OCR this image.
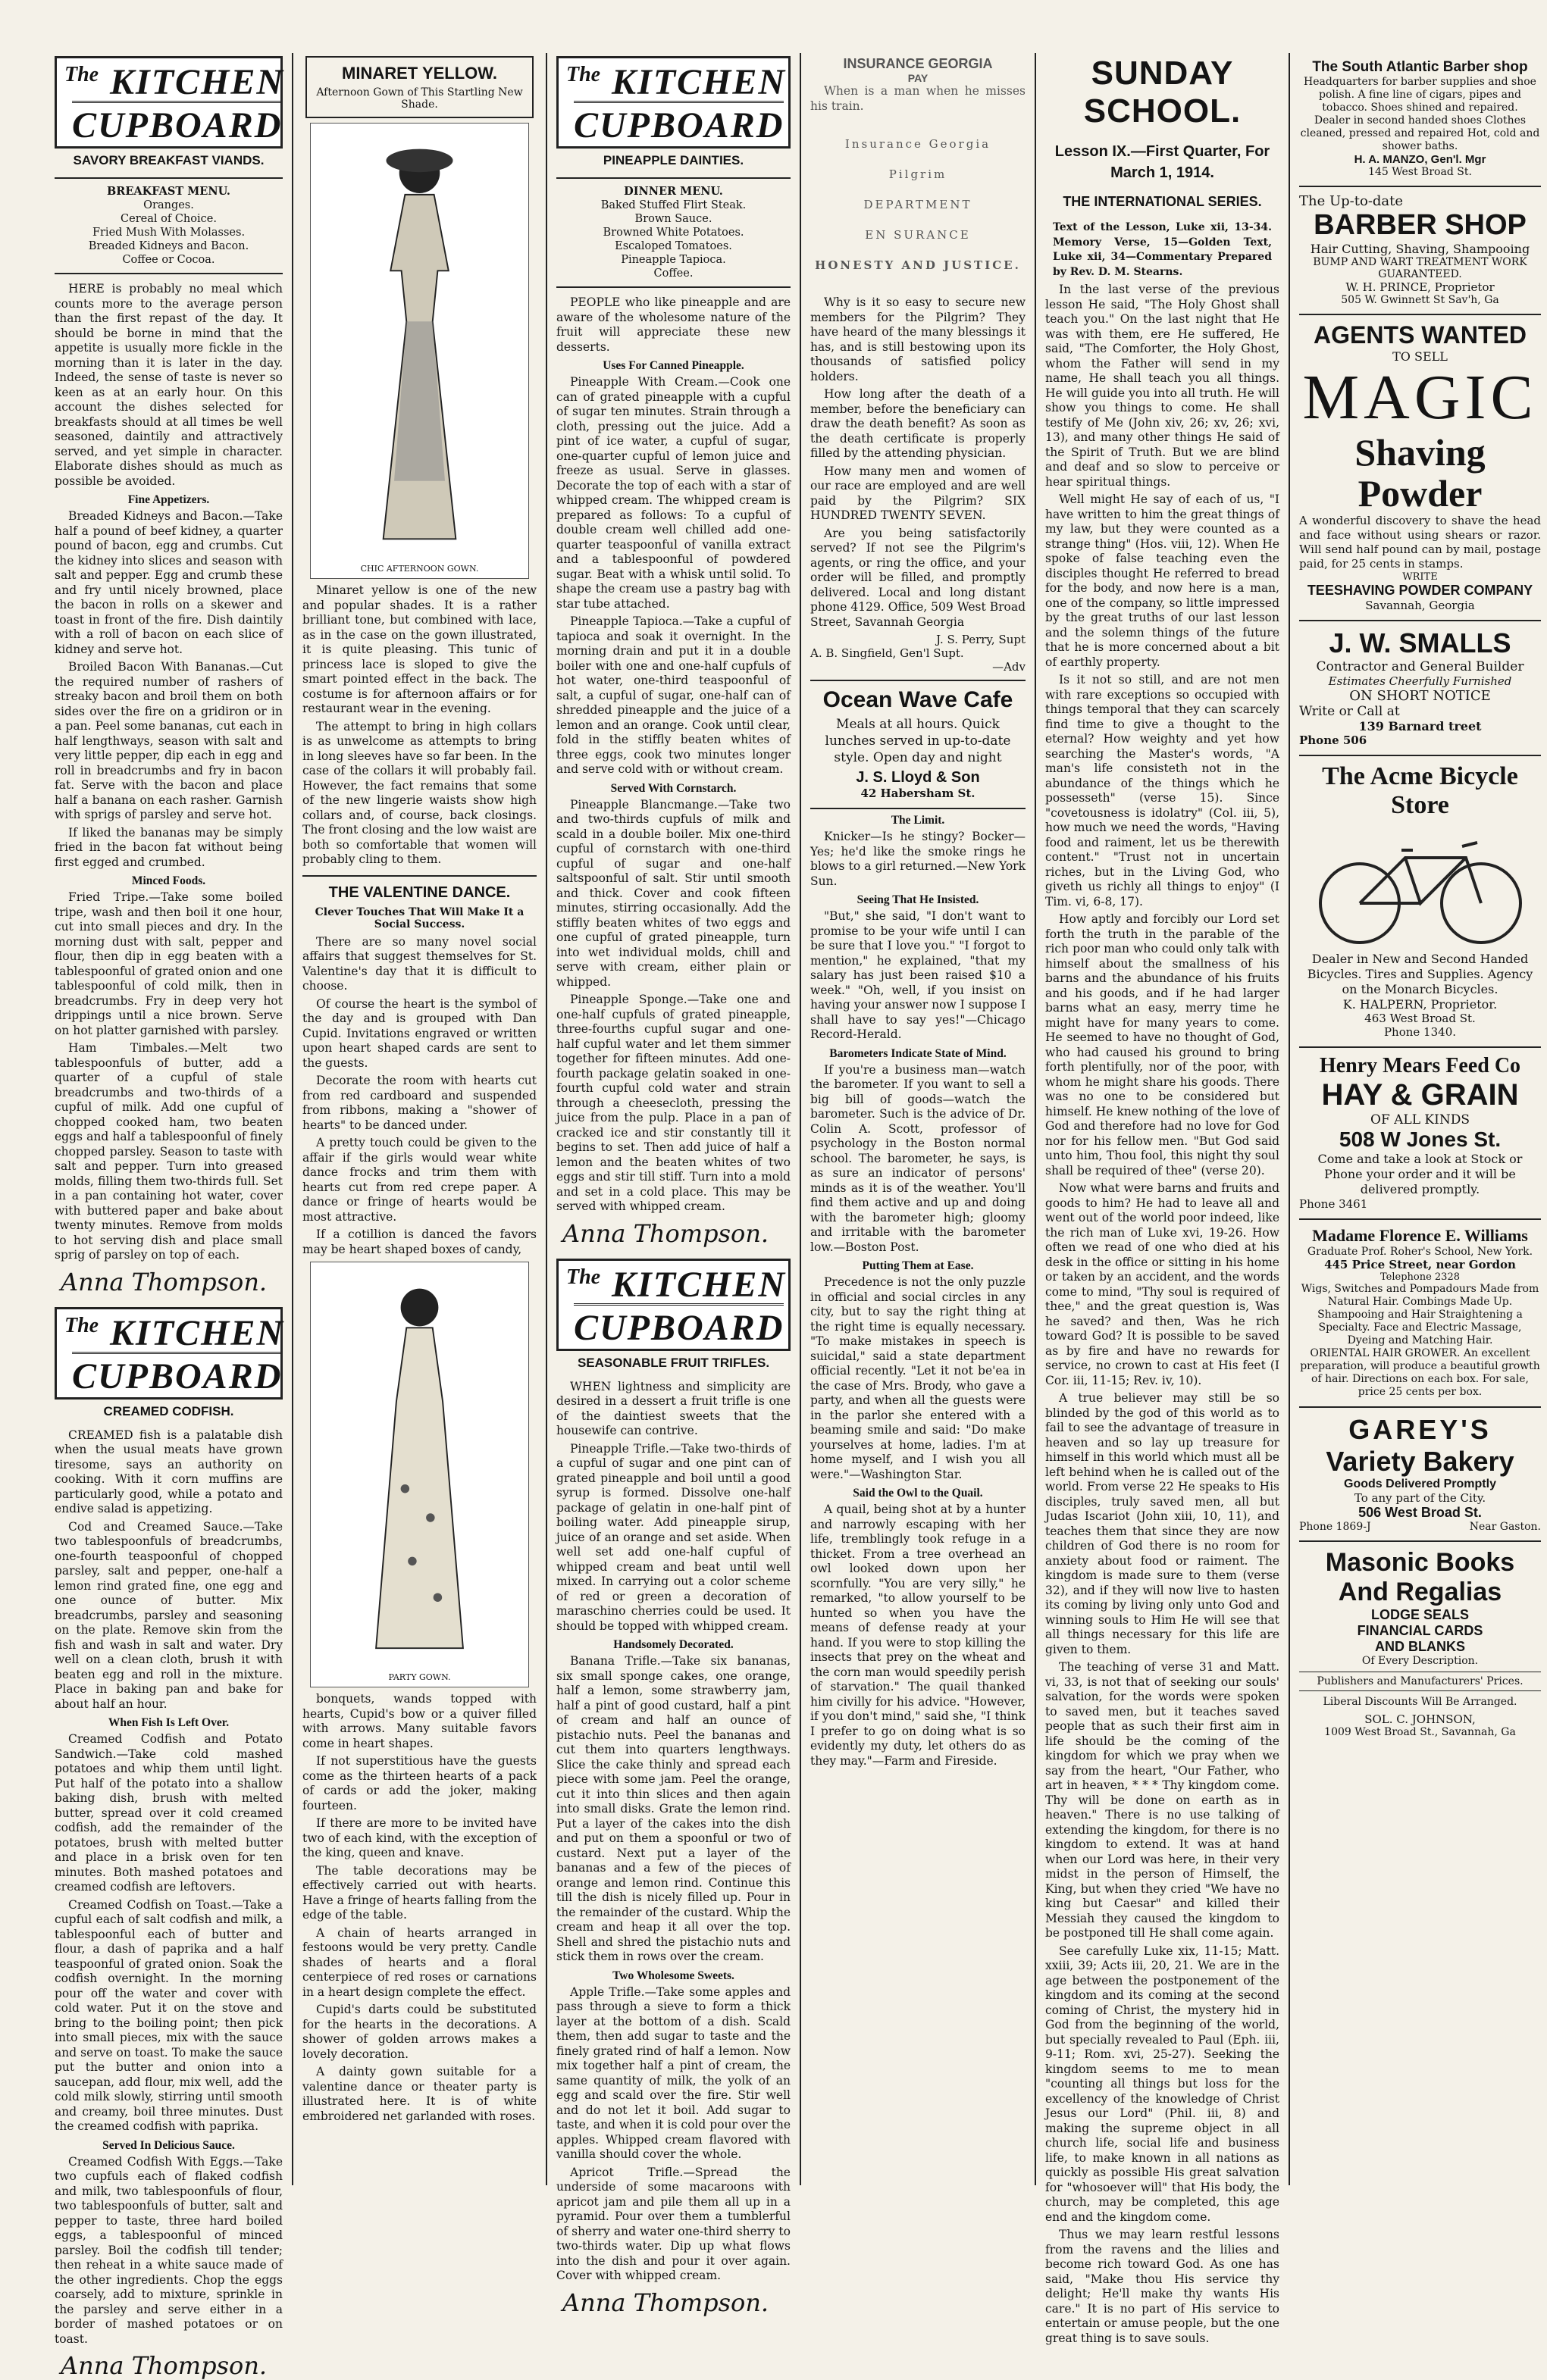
The KITCHEN
CUPBOARD
SAVORY BREAKFAST VIANDS.
BREAKFAST MENU.
Oranges.
Cereal of Choice.
Fried Mush With Molasses.
Breaded Kidneys and Bacon.
Coffee or Cocoa.

HERE is probably no meal which counts more to the average person than the first repast of the day. It should be borne in mind that the appetite is usually more fickle in the morning than it is later in the day. Indeed, the sense of taste is never so keen as at an early hour. On this account the dishes selected for breakfasts should at all times be well seasoned, daintily and attractively served, and yet simple in character. Elaborate dishes should as much as possible be avoided.

Fine Appetizers.

Breaded Kidneys and Bacon.—Take half a pound of beef kidney, a quarter pound of bacon, egg and crumbs. Cut the kidney into slices and season with salt and pepper. Egg and crumb these and fry until nicely browned, place the bacon in rolls on a skewer and toast in front of the fire. Dish daintily with a roll of bacon on each slice of kidney and serve hot.

Broiled Bacon With Bananas.—Cut the required number of rashers of streaky bacon and broil them on both sides over the fire on a gridiron or in a pan. Peel some bananas, cut each in half lengthways, season with salt and very little pepper, dip each in egg and roll in breadcrumbs and fry in bacon fat. Serve with the bacon and place half a banana on each rasher. Garnish with sprigs of parsley and serve hot.

If liked the bananas may be simply fried in the bacon fat without being first egged and crumbed.

Minced Foods.

Fried Tripe.—Take some boiled tripe, wash and then boil it one hour, cut into small pieces and dry. In the morning dust with salt, pepper and flour, then dip in egg beaten with a tablespoonful of grated onion and one tablespoonful of cold milk, then in breadcrumbs. Fry in deep very hot drippings until a nice brown. Serve on hot platter garnished with parsley.

Ham Timbales.—Melt two tablespoonfuls of butter, add a quarter of a cupful of stale breadcrumbs and two-thirds of a cupful of milk. Add one cupful of chopped cooked ham, two beaten eggs and half a tablespoonful of finely chopped parsley. Season to taste with salt and pepper. Turn into greased molds, filling them two-thirds full. Set in a pan containing hot water, cover with buttered paper and bake about twenty minutes. Remove from molds to hot serving dish and place small sprig of parsley on top of each.

Anna Thompson.
The KITCHEN
CUPBOARD
CREAMED CODFISH.

CREAMED fish is a palatable dish when the usual meats have grown tiresome, says an authority on cooking. With it corn muffins are particularly good, while a potato and endive salad is appetizing.

Cod and Creamed Sauce.—Take two tablespoonfuls of breadcrumbs, one-fourth teaspoonful of chopped parsley, salt and pepper, one-half a lemon rind grated fine, one egg and one ounce of butter. Mix breadcrumbs, parsley and seasoning on the plate. Remove skin from the fish and wash in salt and water. Dry well on a clean cloth, brush it with beaten egg and roll in the mixture. Place in baking pan and bake for about half an hour.

When Fish Is Left Over.

Creamed Codfish and Potato Sandwich.—Take cold mashed potatoes and whip them until light. Put half of the potato into a shallow baking dish, brush with melted butter, spread over it cold creamed codfish, add the remainder of the potatoes, brush with melted butter and place in a brisk oven for ten minutes. Both mashed potatoes and creamed codfish are leftovers.

Creamed Codfish on Toast.—Take a cupful each of salt codfish and milk, a tablespoonful each of butter and flour, a dash of paprika and a half teaspoonful of grated onion. Soak the codfish overnight. In the morning pour off the water and cover with cold water. Put it on the stove and bring to the boiling point; then pick into small pieces, mix with the sauce and serve on toast. To make the sauce put the butter and onion into a saucepan, add flour, mix well, add the cold milk slowly, stirring until smooth and creamy, boil three minutes. Dust the creamed codfish with paprika.

Served In Delicious Sauce.

Creamed Codfish With Eggs.—Take two cupfuls each of flaked codfish and milk, two tablespoonfuls of flour, two tablespoonfuls of butter, salt and pepper to taste, three hard boiled eggs, a tablespoonful of minced parsley. Boil the codfish till tender; then reheat in a white sauce made of the other ingredients. Chop the eggs coarsely, add to mixture, sprinkle in the parsley and serve either in a border of mashed potatoes or on toast.

Anna Thompson.
MINARET YELLOW.
Afternoon Gown of This Startling New Shade.
CHIC AFTERNOON GOWN.

Minaret yellow is one of the new and popular shades. It is a rather brilliant tone, but combined with lace, as in the case on the gown illustrated, it is quite pleasing. This tunic of princess lace is sloped to give the smart pointed effect in the back. The costume is for afternoon affairs or for restaurant wear in the evening.

The attempt to bring in high collars is as unwelcome as attempts to bring in long sleeves have so far been. In the case of the collars it will probably fail. However, the fact remains that some of the new lingerie waists show high collars and, of course, back closings. The front closing and the low waist are both so comfortable that women will probably cling to them.

THE VALENTINE DANCE.
Clever Touches That Will Make It a Social Success.

There are so many novel social affairs that suggest themselves for St. Valentine's day that it is difficult to choose.

Of course the heart is the symbol of the day and is grouped with Dan Cupid. Invitations engraved or written upon heart shaped cards are sent to the guests.

Decorate the room with hearts cut from red cardboard and suspended from ribbons, making a "shower of hearts" to be danced under.

A pretty touch could be given to the affair if the girls would wear white dance frocks and trim them with hearts cut from red crepe paper. A dance or fringe of hearts would be most attractive.

If a cotillion is danced the favors may be heart shaped boxes of candy,

PARTY GOWN.

bonquets, wands topped with hearts, Cupid's bow or a quiver filled with arrows. Many suitable favors come in heart shapes.

If not superstitious have the guests come as the thirteen hearts of a pack of cards or add the joker, making fourteen.

If there are more to be invited have two of each kind, with the exception of the king, queen and knave.

The table decorations may be effectively carried out with hearts. Have a fringe of hearts falling from the edge of the table.

A chain of hearts arranged in festoons would be very pretty. Candle shades of hearts and a floral centerpiece of red roses or carnations in a heart design complete the effect.

Cupid's darts could be substituted for the hearts in the decorations. A shower of golden arrows makes a lovely decoration.

A dainty gown suitable for a valentine dance or theater party is illustrated here. It is of white embroidered net garlanded with roses.

The KITCHEN
CUPBOARD
PINEAPPLE DAINTIES.
DINNER MENU.
Baked Stuffed Flirt Steak.
Brown Sauce.
Browned White Potatoes.
Escaloped Tomatoes.
Pineapple Tapioca.
Coffee.

PEOPLE who like pineapple and are aware of the wholesome nature of the fruit will appreciate these new desserts.

Uses For Canned Pineapple.

Pineapple With Cream.—Cook one can of grated pineapple with a cupful of sugar ten minutes. Strain through a cloth, pressing out the juice. Add a pint of ice water, a cupful of sugar, one-quarter cupful of lemon juice and freeze as usual. Serve in glasses. Decorate the top of each with a star of whipped cream. The whipped cream is prepared as follows: To a cupful of double cream well chilled add one-quarter teaspoonful of vanilla extract and a tablespoonful of powdered sugar. Beat with a whisk until solid. To shape the cream use a pastry bag with star tube attached.

Pineapple Tapioca.—Take a cupful of tapioca and soak it overnight. In the morning drain and put it in a double boiler with one and one-half cupfuls of hot water, one-third teaspoonful of salt, a cupful of sugar, one-half can of shredded pineapple and the juice of a lemon and an orange. Cook until clear, fold in the stiffly beaten whites of three eggs, cook two minutes longer and serve cold with or without cream.

Served With Cornstarch.

Pineapple Blancmange.—Take two and two-thirds cupfuls of milk and scald in a double boiler. Mix one-third cupful of cornstarch with one-third cupful of sugar and one-half saltspoonful of salt. Stir until smooth and thick. Cover and cook fifteen minutes, stirring occasionally. Add the stiffly beaten whites of two eggs and one cupful of grated pineapple, turn into wet individual molds, chill and serve with cream, either plain or whipped.

Pineapple Sponge.—Take one and one-half cupfuls of grated pineapple, three-fourths cupful sugar and one-half cupful water and let them simmer together for fifteen minutes. Add one-fourth package gelatin soaked in one-fourth cupful cold water and strain through a cheesecloth, pressing the juice from the pulp. Place in a pan of cracked ice and stir constantly till it begins to set. Then add juice of half a lemon and the beaten whites of two eggs and stir till stiff. Turn into a mold and set in a cold place. This may be served with whipped cream.

Anna Thompson.
The KITCHEN
CUPBOARD
SEASONABLE FRUIT TRIFLES.

WHEN lightness and simplicity are desired in a dessert a fruit trifle is one of the daintiest sweets that the housewife can contrive.

Pineapple Trifle.—Take two-thirds of a cupful of sugar and one pint can of grated pineapple and boil until a good syrup is formed. Dissolve one-half package of gelatin in one-half pint of boiling water. Add pineapple sirup, juice of an orange and set aside. When well set add one-half cupful of whipped cream and beat until well mixed. In carrying out a color scheme of red or green a decoration of maraschino cherries could be used. It should be topped with whipped cream.

Handsomely Decorated.

Banana Trifle.—Take six bananas, six small sponge cakes, one orange, half a lemon, some strawberry jam, half a pint of good custard, half a pint of cream and half an ounce of pistachio nuts. Peel the bananas and cut them into quarters lengthways. Slice the cake thinly and spread each piece with some jam. Peel the orange, cut it into thin slices and then again into small disks. Grate the lemon rind. Put a layer of the cakes into the dish and put on them a spoonful or two of custard. Next put a layer of the bananas and a few of the pieces of orange and lemon rind. Continue this till the dish is nicely filled up. Pour in the remainder of the custard. Whip the cream and heap it all over the top. Shell and shred the pistachio nuts and stick them in rows over the cream.

Two Wholesome Sweets.

Apple Trifle.—Take some apples and pass through a sieve to form a thick layer at the bottom of a dish. Scald them, then add sugar to taste and the finely grated rind of half a lemon. Now mix together half a pint of cream, the same quantity of milk, the yolk of an egg and scald over the fire. Stir well and do not let it boil. Add sugar to taste, and when it is cold pour over the apples. Whipped cream flavored with vanilla should cover the whole.

Apricot Trifle.—Spread the underside of some macaroons with apricot jam and pile them all up in a pyramid. Pour over them a tumblerful of sherry and water one-third sherry to two-thirds water. Dip up what flows into the dish and pour it over again. Cover with whipped cream.

Anna Thompson.
INSURANCE GEORGIA
PAY

When is a man when he misses his train.

Insurance Georgia
Pilgrim
DEPARTMENT
EN SURANCE
HONESTY AND JUSTICE.

Why is it so easy to secure new members for the Pilgrim? They have heard of the many blessings it has, and is still bestowing upon its thousands of satisfied policy holders.

How long after the death of a member, before the beneficiary can draw the death benefit? As soon as the death certificate is properly filled by the attending physician.

How many men and women of our race are employed and are well paid by the Pilgrim? SIX HUNDRED TWENTY SEVEN.

Are you being satisfactorily served? If not see the Pilgrim's agents, or ring the office, and your order will be filled, and promptly delivered. Local and long distant phone 4129. Office, 509 West Broad Street, Savannah Georgia

J. S. Perry, Supt
A. B. Singfield, Gen'l Supt.
—Adv
Ocean Wave Cafe
Meals at all hours. Quick lunches served in up-to-date style. Open day and night
J. S. Lloyd & Son
42 Habersham St.
The Limit.

Knicker—Is he stingy? Bocker—Yes; he'd like the smoke rings he blows to a girl returned.—New York Sun.

Seeing That He Insisted.

"But," she said, "I don't want to promise to be your wife until I can be sure that I love you." "I forgot to mention," he explained, "that my salary has just been raised $10 a week." "Oh, well, if you insist on having your answer now I suppose I shall have to say yes!"—Chicago Record-Herald.

Barometers Indicate State of Mind.

If you're a business man—watch the barometer. If you want to sell a big bill of goods—watch the barometer. Such is the advice of Dr. Colin A. Scott, professor of psychology in the Boston normal school. The barometer, he says, is as sure an indicator of persons' minds as it is of the weather. You'll find them active and up and doing with the barometer high; gloomy and irritable with the barometer low.—Boston Post.

Putting Them at Ease.

Precedence is not the only puzzle in official and social circles in any city, but to say the right thing at the right time is equally necessary. "To make mistakes in speech is suicidal," said a state department official recently. "Let it not be'ea in the case of Mrs. Brody, who gave a party, and when all the guests were in the parlor she entered with a beaming smile and said: "Do make yourselves at home, ladies. I'm at home myself, and I wish you all were."—Washington Star.

Said the Owl to the Quail.

A quail, being shot at by a hunter and narrowly escaping with her life, tremblingly took refuge in a thicket. From a tree overhead an owl looked down upon her scornfully. "You are very silly," he remarked, "to allow yourself to be hunted so when you have the means of defense ready at your hand. If you were to stop killing the insects that prey on the wheat and the corn man would speedily perish of starvation." The quail thanked him civilly for his advice. "However, if you don't mind," said she, "I think I prefer to go on doing what is so evidently my duty, let others do as they may."—Farm and Fireside.

SUNDAY SCHOOL.
Lesson IX.—First Quarter, For March 1, 1914.
THE INTERNATIONAL SERIES.

Text of the Lesson, Luke xii, 13-34. Memory Verse, 15—Golden Text, Luke xii, 34—Commentary Prepared by Rev. D. M. Stearns.

In the last verse of the previous lesson He said, "The Holy Ghost shall teach you." On the last night that He was with them, ere He suffered, He said, "The Comforter, the Holy Ghost, whom the Father will send in my name, He shall teach you all things. He will guide you into all truth. He will show you things to come. He shall testify of Me (John xiv, 26; xv, 26; xvi, 13), and many other things He said of the Spirit of Truth. But we are blind and deaf and so slow to perceive or hear spiritual things.

Well might He say of each of us, "I have written to him the great things of my law, but they were counted as a strange thing" (Hos. viii, 12). When He spoke of false teaching even the disciples thought He referred to bread for the body, and now here is a man, one of the company, so little impressed by the great truths of our last lesson and the solemn things of the future that he is more concerned about a bit of earthly property.

Is it not so still, and are not men with rare exceptions so occupied with things temporal that they can scarcely find time to give a thought to the eternal? How weighty and yet how searching the Master's words, "A man's life consisteth not in the abundance of the things which he possesseth" (verse 15). Since "covetousness is idolatry" (Col. iii, 5), how much we need the words, "Having food and raiment, let us be therewith content." "Trust not in uncertain riches, but in the Living God, who giveth us richly all things to enjoy" (I Tim. vi, 6-8, 17).

How aptly and forcibly our Lord set forth the truth in the parable of the rich poor man who could only talk with himself about the smallness of his barns and the abundance of his fruits and his goods, and if he had larger barns what an easy, merry time he might have for many years to come. He seemed to have no thought of God, who had caused his ground to bring forth plentifully, nor of the poor, with whom he might share his goods. There was no one to be considered but himself. He knew nothing of the love of God and therefore had no love for God nor for his fellow men. "But God said unto him, Thou fool, this night thy soul shall be required of thee" (verse 20).

Now what were barns and fruits and goods to him? He had to leave all and went out of the world poor indeed, like the rich man of Luke xvi, 19-26. How often we read of one who died at his desk in the office or sitting in his home or taken by an accident, and the words come to mind, "Thy soul is required of thee," and the great question is, Was he saved? and then, Was he rich toward God? It is possible to be saved as by fire and have no rewards for service, no crown to cast at His feet (I Cor. iii, 11-15; Rev. iv, 10).

A true believer may still be so blinded by the god of this world as to fail to see the advantage of treasure in heaven and so lay up treasure for himself in this world which must all be left behind when he is called out of the world. From verse 22 He speaks to His disciples, truly saved men, all but Judas Iscariot (John xiii, 10, 11), and teaches them that since they are now children of God there is no room for anxiety about food or raiment. The kingdom is made sure to them (verse 32), and if they will now live to hasten its coming by living only unto God and winning souls to Him He will see that all things necessary for this life are given to them.

The teaching of verse 31 and Matt. vi, 33, is not that of seeking our souls' salvation, for the words were spoken to saved men, but it teaches saved people that as such their first aim in life should be the coming of the kingdom for which we pray when we say from the heart, "Our Father, who art in heaven, * * * Thy kingdom come. Thy will be done on earth as in heaven." There is no use talking of extending the kingdom, for there is no kingdom to extend. It was at hand when our Lord was here, in their very midst in the person of Himself, the King, but when they cried "We have no king but Caesar" and killed their Messiah they caused the kingdom to be postponed till He shall come again.

See carefully Luke xix, 11-15; Matt. xxiii, 39; Acts iii, 20, 21. We are in the age between the postponement of the kingdom and its coming at the second coming of Christ, the mystery hid in God from the beginning of the world, but specially revealed to Paul (Eph. iii, 9-11; Rom. xvi, 25-27). Seeking the kingdom seems to me to mean "counting all things but loss for the excellency of the knowledge of Christ Jesus our Lord" (Phil. iii, 8) and making the supreme object in all church life, social life and business life, to make known in all nations as quickly as possible His great salvation for "whosoever will" that His body, the church, may be completed, this age end and the kingdom come.

Thus we may learn restful lessons from the ravens and the lilies and become rich toward God. As one has said, "Make thou His service thy delight; He'll make thy wants His care." It is no part of His service to entertain or amuse people, but the one great thing is to save souls.

The South Atlantic Barber shop
Headquarters for barber supplies and shoe polish. A fine line of cigars, pipes and tobacco. Shoes shined and repaired.
Dealer in second handed shoes Clothes cleaned, pressed and repaired Hot, cold and shower baths.
H. A. MANZO, Gen'l. Mgr
145 West Broad St.
The Up-to-date
BARBER SHOP
Hair Cutting, Shaving, Shampooing
BUMP AND WART TREATMENT WORK GUARANTEED.
W. H. PRINCE, Proprietor
505 W. Gwinnett St Sav'h, Ga
AGENTS WANTED
TO SELL
MAGIC
Shaving Powder
A wonderful discovery to shave the head and face without using shears or razor. Will send half pound can by mail, postage paid, for 25 cents in stamps.
WRITE
TEESHAVING POWDER COMPANY
Savannah, Georgia
J. W. SMALLS
Contractor and General Builder
Estimates Cheerfully Furnished
ON SHORT NOTICE
Write or Call at
139 Barnard treet
Phone 506
The Acme Bicycle Store
Dealer in New and Second Handed Bicycles. Tires and Supplies. Agency on the Monarch Bicycles.
K. HALPERN, Proprietor.
463 West Broad St.
Phone 1340.
Henry Mears Feed Co
HAY & GRAIN
OF ALL KINDS
508 W Jones St.
Come and take a look at Stock or Phone your order and it will be delivered promptly.
Phone 3461
Madame Florence E. Williams
Graduate Prof. Roher's School, New York.
445 Price Street, near Gordon
Telephone 2328
Wigs, Switches and Pompadours Made from Natural Hair. Combings Made Up. Shampooing and Hair Straightening a Specialty. Face and Electric Massage, Dyeing and Matching Hair.
ORIENTAL HAIR GROWER. An excellent preparation, will produce a beautiful growth of hair. Directions on each box. For sale, price 25 cents per box.
GAREY'S
Variety Bakery
Goods Delivered Promptly
To any part of the City.
506 West Broad St.
Phone 1869-J	Near Gaston.
Masonic Books
And Regalias
LODGE SEALS
FINANCIAL CARDS
AND BLANKS
Of Every Description.
Publishers and Manufacturers' Prices.
Liberal Discounts Will Be Arranged.
SOL. C. JOHNSON,
1009 West Broad St., Savannah, Ga
